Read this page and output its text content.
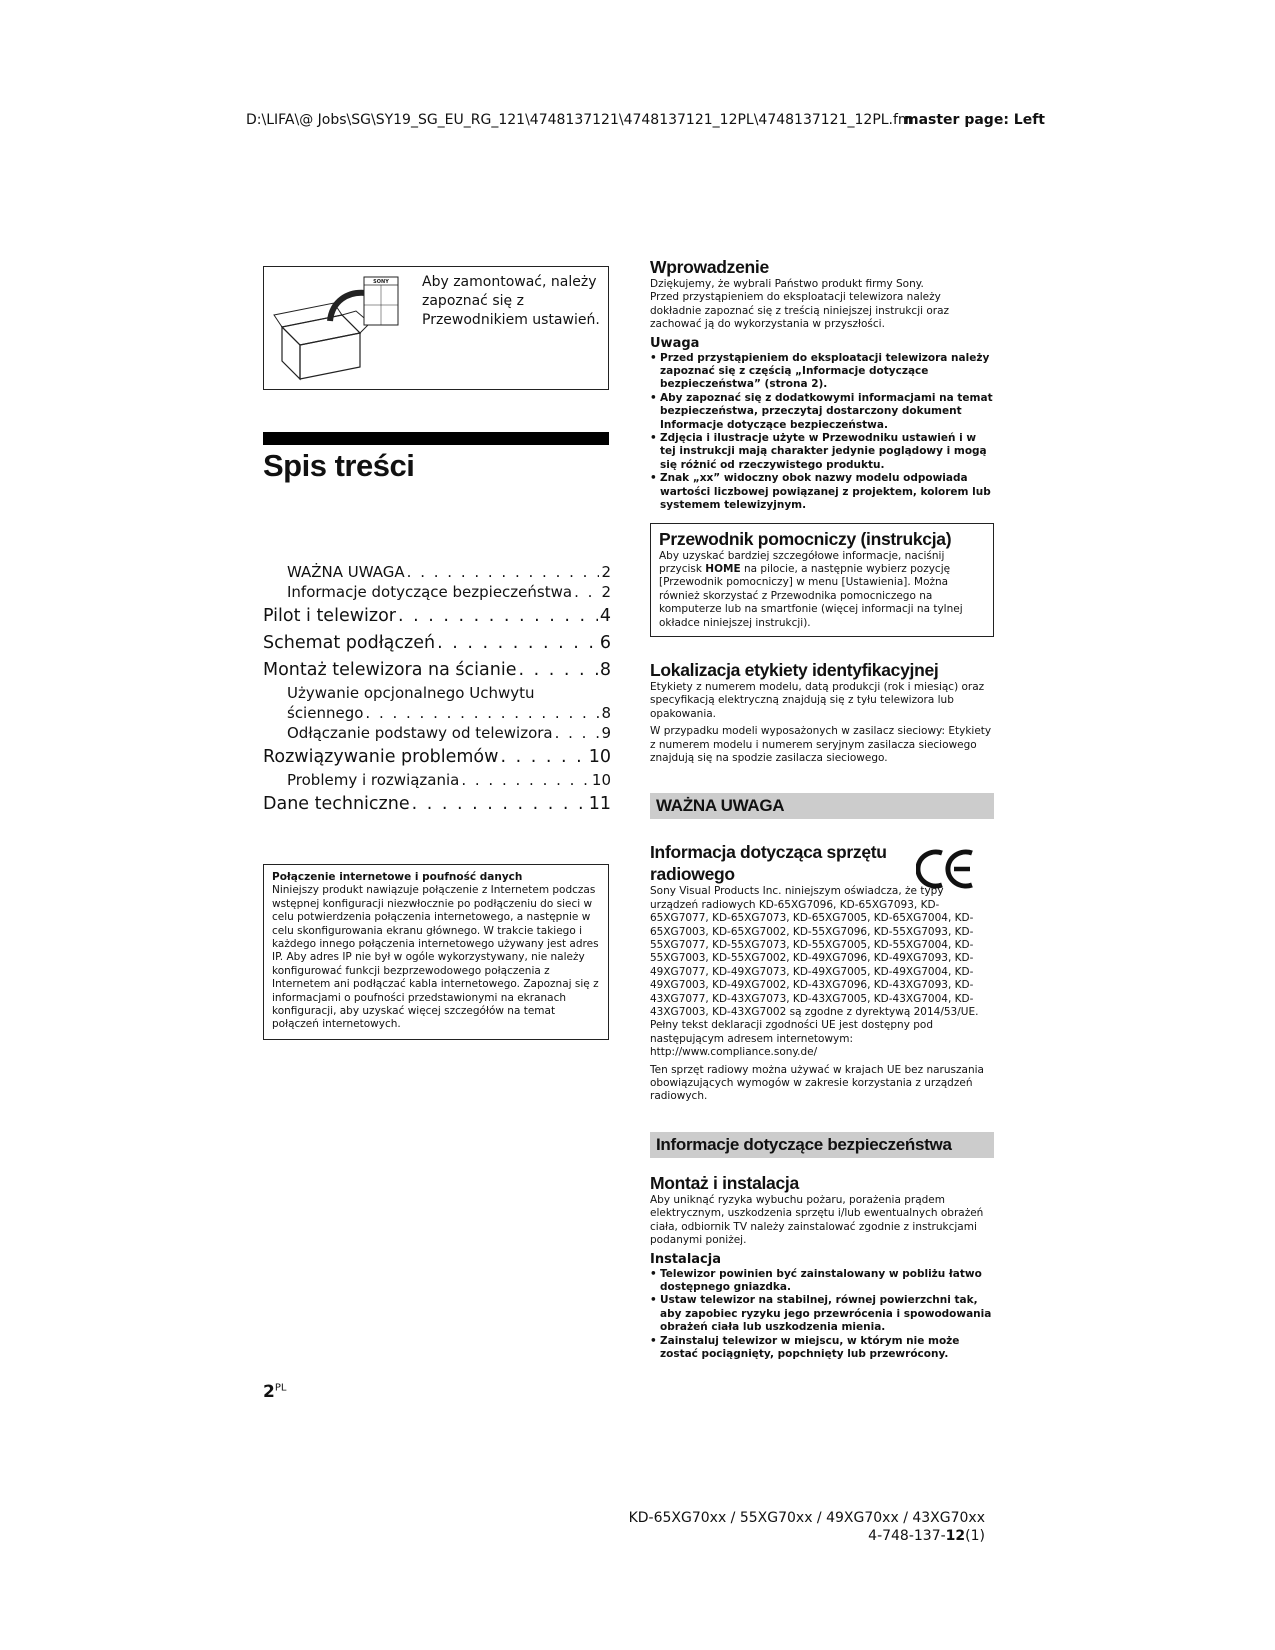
D:\LIFA\@ Jobs\SG\SY19_SG_EU_RG_121\4748137121\4748137121_12PL\4748137121_12PL.fm
master page: Left
SONY Aby zamontować, należy zapoznać się z Przewodnikiem ustawień.
Spis treści
WAŻNA UWAGA . . .	2
Informacje dotyczące bezpieczeństwa . . . 2
Pilot i telewizor . . .	4
Schemat podłączeń . . .	6
Montaż telewizora na ścianie . . .	8
Używanie opcjonalnego Uchwytu
ściennego . . .	8
Odłączanie podstawy od telewizora . . .	9
Rozwiązywanie problemów . . .	10
Problemy i rozwiązania . . .	10
Dane techniczne . . .	11
Połączenie internetowe i poufność danych
Niniejszy produkt nawiązuje połączenie z Internetem podczas wstępnej konfiguracji niezwłocznie po podłączeniu do sieci w celu potwierdzenia połączenia internetowego, a następnie w celu skonfigurowania ekranu głównego. W trakcie takiego i każdego innego połączenia internetowego używany jest adres IP. Aby adres IP nie był w ogóle wykorzystywany, nie należy konfigurować funkcji bezprzewodowego połączenia z Internetem ani podłączać kabla internetowego. Zapoznaj się z informacjami o poufności przedstawionymi na ekranach konfiguracji, aby uzyskać więcej szczegółów na temat połączeń internetowych.
$2^{PL}$
Wprowadzenie
Dziękujemy, że wybrali Państwo produkt firmy Sony.
Przed przystąpieniem do eksploatacji telewizora należy dokładnie zapoznać się z treścią niniejszej instrukcji oraz zachować ją do wykorzystania w przyszłości.
Uwaga
• Przed przystąpieniem do eksploatacji telewizora należy zapoznać się z częścią „Informacje dotyczące bezpieczeństwa” (strona 2).
• Aby zapoznać się z dodatkowymi informacjami na temat bezpieczeństwa, przeczytaj dostarczony dokument Informacje dotyczące bezpieczeństwa.
• Zdjęcia i ilustracje użyte w Przewodniku ustawień i w tej instrukcji mają charakter jedynie poglądowy i mogą się różnić od rzeczywistego produktu.
• Znak „xx” widoczny obok nazwy modelu odpowiada wartości liczbowej powiązanej z projektem, kolorem lub systemem telewizyjnym.
Przewodnik pomocniczy (instrukcja)
Aby uzyskać bardziej szczegółowe informacje, naciśnij przycisk HOME na pilocie, a następnie wybierz pozycję [Przewodnik pomocniczy] w menu [Ustawienia]. Można również skorzystać z Przewodnika pomocniczego na komputerze lub na smartfonie (więcej informacji na tylnej okładce niniejszej instrukcji).
Lokalizacja etykiety identyfikacyjnej
Etykiety z numerem modelu, datą produkcji (rok i miesiąc) oraz specyfikacją elektryczną znajdują się z tyłu telewizora lub opakowania.
W przypadku modeli wyposażonych w zasilacz sieciowy: Etykiety z numerem modelu i numerem seryjnym zasilacza sieciowego znajdują się na spodzie zasilacza sieciowego.
WAŻNA UWAGA
Informacja dotycząca sprzętu radiowego
Sony Visual Products Inc. niniejszym oświadcza, że typy urządzeń radiowych KD-65XG7096, KD-65XG7093, KD-65XG7077, KD-65XG7073, KD-65XG7005, KD-65XG7004, KD-65XG7003, KD-65XG7002, KD-55XG7096, KD-55XG7093, KD-55XG7077, KD-55XG7073, KD-55XG7005, KD-55XG7004, KD-55XG7003, KD-55XG7002, KD-49XG7096, KD-49XG7093, KD-49XG7077, KD-49XG7073, KD-49XG7005, KD-49XG7004, KD-49XG7003, KD-49XG7002, KD-43XG7096, KD-43XG7093, KD-43XG7077, KD-43XG7073, KD-43XG7005, KD-43XG7004, KD-43XG7003, KD-43XG7002 są zgodne z dyrektywą 2014/53/UE. Pełny tekst deklaracji zgodności UE jest dostępny pod następującym adresem internetowym: http://www.compliance.sony.de/
Ten sprzęt radiowy można używać w krajach UE bez naruszania obowiązujących wymogów w zakresie korzystania z urządzeń radiowych.
Informacje dotyczące bezpieczeństwa
Montaż i instalacja
Aby uniknąć ryzyka wybuchu pożaru, porażenia prądem elektrycznym, uszkodzenia sprzętu i/lub ewentualnych obrażeń ciała, odbiornik TV należy zainstalować zgodnie z instrukcjami podanymi poniżej.
Instalacja
• Telewizor powinien być zainstalowany w pobliżu łatwo dostępnego gniazdka.
• Ustaw telewizor na stabilnej, równej powierzchni tak, aby zapobiec ryzyku jego przewrócenia i spowodowania obrażeń ciała lub uszkodzenia mienia.
• Zainstaluj telewizor w miejscu, w którym nie może zostać pociągnięty, popchnięty lub przewrócony.
KD-65XG70xx / 55XG70xx / 49XG70xx / 43XG70xx
4-748-137-12(1)
